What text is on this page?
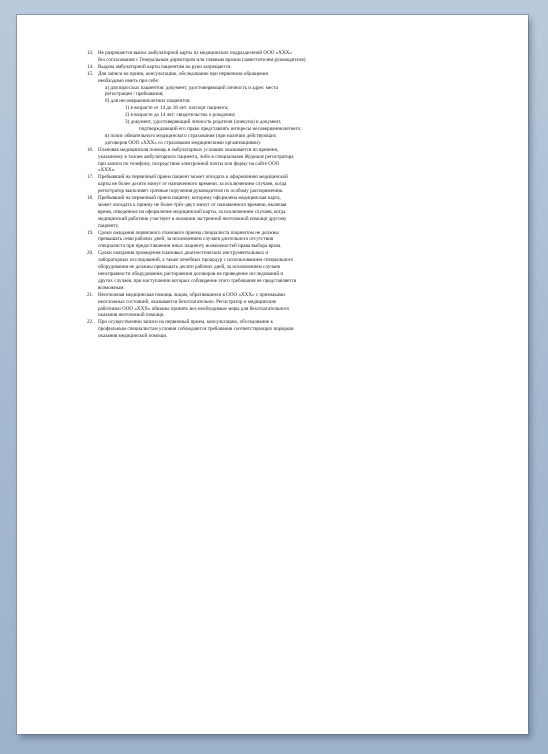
13. Не разрешается вынос амбулаторной карты из медицинских подразделений ООО «XXX»
без согласования с Генеральным директором или главным врачом (заместителем руководителя).
14. Выдача амбулаторной карты пациентам на руки запрещается.
15. Для записи на прием, консультацию, обследование при первичном обращении
необходимо иметь при себе:
а) для взрослых пациентов: документ, удостоверяющий личность и адрес места
регистрации / пребывания;
б) для несовершеннолетних пациентов:
1) в возрасте от 14 до 18 лет: паспорт пациента;
2) в возрасте до 14 лет: свидетельство о рождении;
3) документ, удостоверяющий личность родителя (опекуна) и документ,
подтверждающий его право представлять интересы несовершеннолетнего;
в) полис обязательного медицинского страхования (при наличии действующих
договоров ООО «XXX» со страховыми медицинскими организациями).
16. Плановая медицинская помощь в амбулаторных условиях оказывается по времени,
указанному в талоне амбулаторного пациента, либо в специальном Журнале регистратора
при записи по телефону, посредством электронной почты или форму на сайте ООО
«XXX».
17. Пребывший на первичный прием пациент может опоздать к оформлению медицинской
карты не более десяти минут от назначенного времени, за исключением случаев, когда
регистратор выполняет срочные поручения руководителя по особому распоряжению.
18. Пребывший на первичный прием пациент, которому оформлена медицинская карта,
может опоздать к приему не более трёх-двух минут от назначенного времени, включая
время, отведенное на оформление медицинской карты, за исключением случаев, когда
медицинский работник участвует в оказании экстренной неотложной помощи другому
пациенту.
19. Сроки ожидания первичного планового приема специалиста пациентом не должны
превышать семи рабочих дней, за исключением случаев длительного отсутствия
специалиста при предоставлении иных пациенту возможностей права выбора врача.
20. Сроки ожидания проведения плановых диагностических инструментальных и
лабораторных исследований, а также лечебных процедур с использованием специального
оборудования не должны превышать десяти рабочих дней, за исключением случаев
неисправности оборудования, расторжения договоров на проведение исследований и
других случаев, при наступлении которых соблюдение этого требования не представляется
возможным.
21. Неотложная медицинская помощь лицам, обратившимся в ООО «XXX» с признаками
неотложных состояний, оказывается безотлагательно. Регистратор и медицинские
работники ООО «XXX» обязаны принять все необходимые меры для безотлагательного
оказания неотложной помощи.
22. При осуществлении записи на первичный прием, консультацию, обследование к
профильным специалистам условия соблюдаются требования соответствующих порядков
оказания медицинской помощи.
